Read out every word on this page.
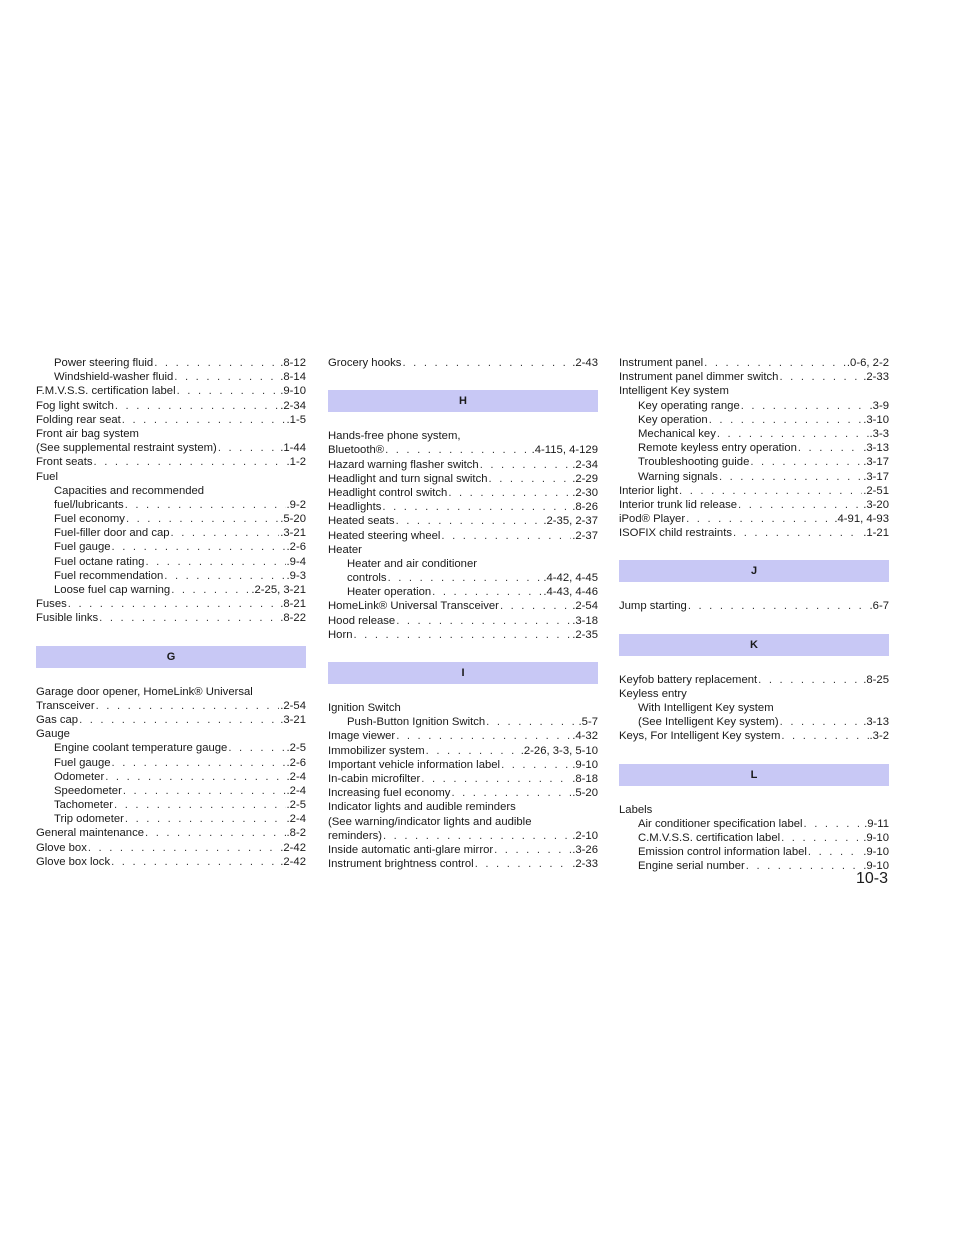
Power steering fluid . . .	.8-12
Windshield-washer fluid . . .	.8-14
F.M.V.S.S. certification label . . .	.9-10
Fog light switch . . .	.2-34
Folding rear seat . . .	.1-5
Front air bag system
(See supplemental restraint system) . . .	.1-44
Front seats . . .	.1-2
Fuel
Capacities and recommended
fuel/lubricants . . .	.9-2
Fuel economy . . .	.5-20
Fuel-filler door and cap . . .	.3-21
Fuel gauge . . .	.2-6
Fuel octane rating . . .	.9-4
Fuel recommendation . . .	.9-3
Loose fuel cap warning . . .	.2-25, 3-21
Fuses . . .	.8-21
Fusible links . . .	.8-22
G
Garage door opener, HomeLink® Universal
Transceiver . . .	.2-54
Gas cap . . .	.3-21
Gauge
Engine coolant temperature gauge . . .	.2-5
Fuel gauge . . .	.2-6
Odometer . . .	.2-4
Speedometer . . .	.2-4
Tachometer . . .	.2-5
Trip odometer . . .	.2-4
General maintenance . . .	.8-2
Glove box . . .	.2-42
Glove box lock . . .	.2-42
Grocery hooks . . .	.2-43
H
Hands-free phone system,
Bluetooth® . . .	.4-115, 4-129
Hazard warning flasher switch . . .	.2-34
Headlight and turn signal switch . . .	.2-29
Headlight control switch . . .	.2-30
Headlights . . .	.8-26
Heated seats . . .	.2-35, 2-37
Heated steering wheel . . .	.2-37
Heater
Heater and air conditioner
controls . . .	.4-42, 4-45
Heater operation . . .	.4-43, 4-46
HomeLink® Universal Transceiver . . .	.2-54
Hood release . . .	.3-18
Horn . . .	.2-35
I
Ignition Switch
Push-Button Ignition Switch . . .	.5-7
Image viewer . . .	.4-32
Immobilizer system . . .	.2-26, 3-3, 5-10
Important vehicle information label . . .	.9-10
In-cabin microfilter . . .	.8-18
Increasing fuel economy . . .	.5-20
Indicator lights and audible reminders
(See warning/indicator lights and audible
reminders) . . .	.2-10
Inside automatic anti-glare mirror . . .	.3-26
Instrument brightness control . . .	.2-33
Instrument panel . . .	.0-6, 2-2
Instrument panel dimmer switch . . .	.2-33
Intelligent Key system
Key operating range . . .	.3-9
Key operation . . .	.3-10
Mechanical key . . .	.3-3
Remote keyless entry operation . . .	.3-13
Troubleshooting guide . . .	.3-17
Warning signals . . .	.3-17
Interior light . . .	.2-51
Interior trunk lid release . . .	.3-20
iPod® Player . . .	.4-91, 4-93
ISOFIX child restraints . . .	.1-21
J
Jump starting . . .	.6-7
K
Keyfob battery replacement . . .	.8-25
Keyless entry
With Intelligent Key system
(See Intelligent Key system) . . .	.3-13
Keys, For Intelligent Key system . . .	.3-2
L
Labels
Air conditioner specification label . . .	.9-11
C.M.V.S.S. certification label . . .	.9-10
Emission control information label . . .	.9-10
Engine serial number . . .	.9-10
10-3
